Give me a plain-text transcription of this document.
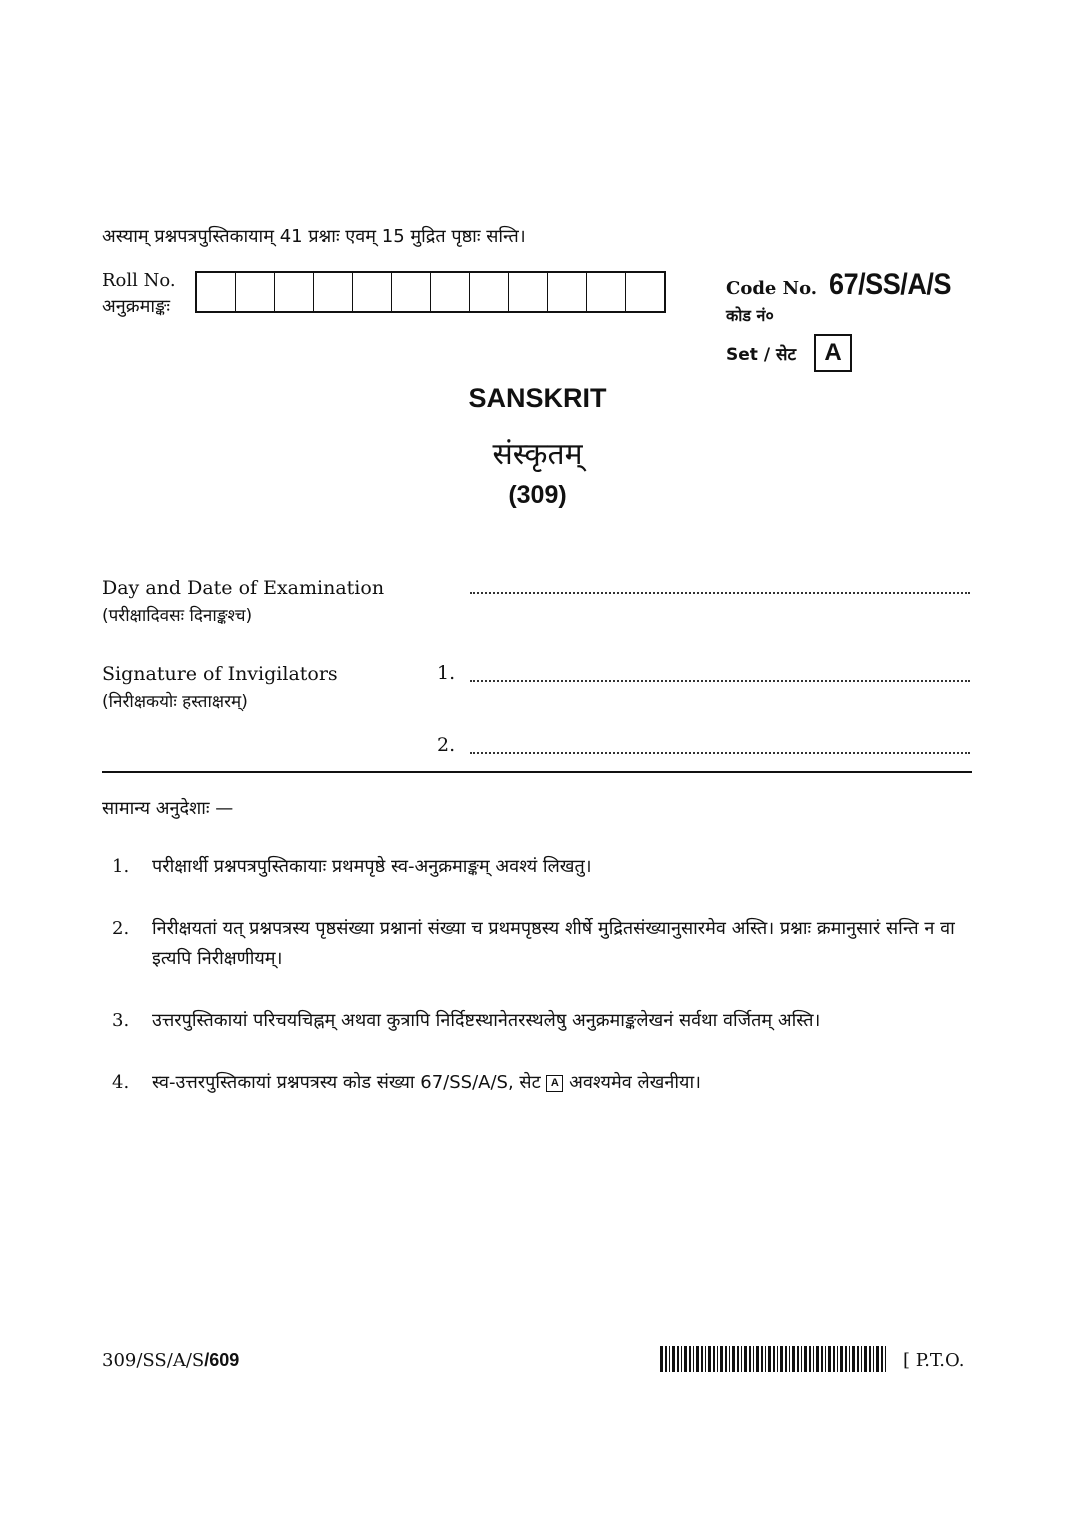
अस्याम् प्रश्नपत्रपुस्तिकायाम् 41 प्रश्नाः एवम् 15 मुद्रित पृष्ठाः सन्ति।
Roll No.
अनुक्रमाङ्कः
Code No. 67/SS/A/S
कोड नं०
Set / सेट	A
SANSKRIT
संस्कृतम्
(309)
Day and Date of Examination
(परीक्षादिवसः दिनाङ्कश्च)
Signature of Invigilators
(निरीक्षकयोः हस्ताक्षरम्)
1.
2.
सामान्य अनुदेशाः —
1.	परीक्षार्थी प्रश्नपत्रपुस्तिकायाः प्रथमपृष्ठे स्व-अनुक्रमाङ्कम् अवश्यं लिखतु।
2.	निरीक्षयतां यत् प्रश्नपत्रस्य पृष्ठसंख्या प्रश्नानां संख्या च प्रथमपृष्ठस्य शीर्षे मुद्रितसंख्यानुसारमेव अस्ति। प्रश्नाः क्रमानुसारं सन्ति न वा इत्यपि निरीक्षणीयम्।
3.	उत्तरपुस्तिकायां परिचयचिह्नम् अथवा कुत्रापि निर्दिष्टस्थानेतरस्थलेषु अनुक्रमाङ्कलेखनं सर्वथा वर्जितम् अस्ति।
4.	स्व-उत्तरपुस्तिकायां प्रश्नपत्रस्य कोड संख्या 67/SS/A/S, सेट A अवश्यमेव लेखनीया।
309/SS/A/S/609	[ P.T.O.
